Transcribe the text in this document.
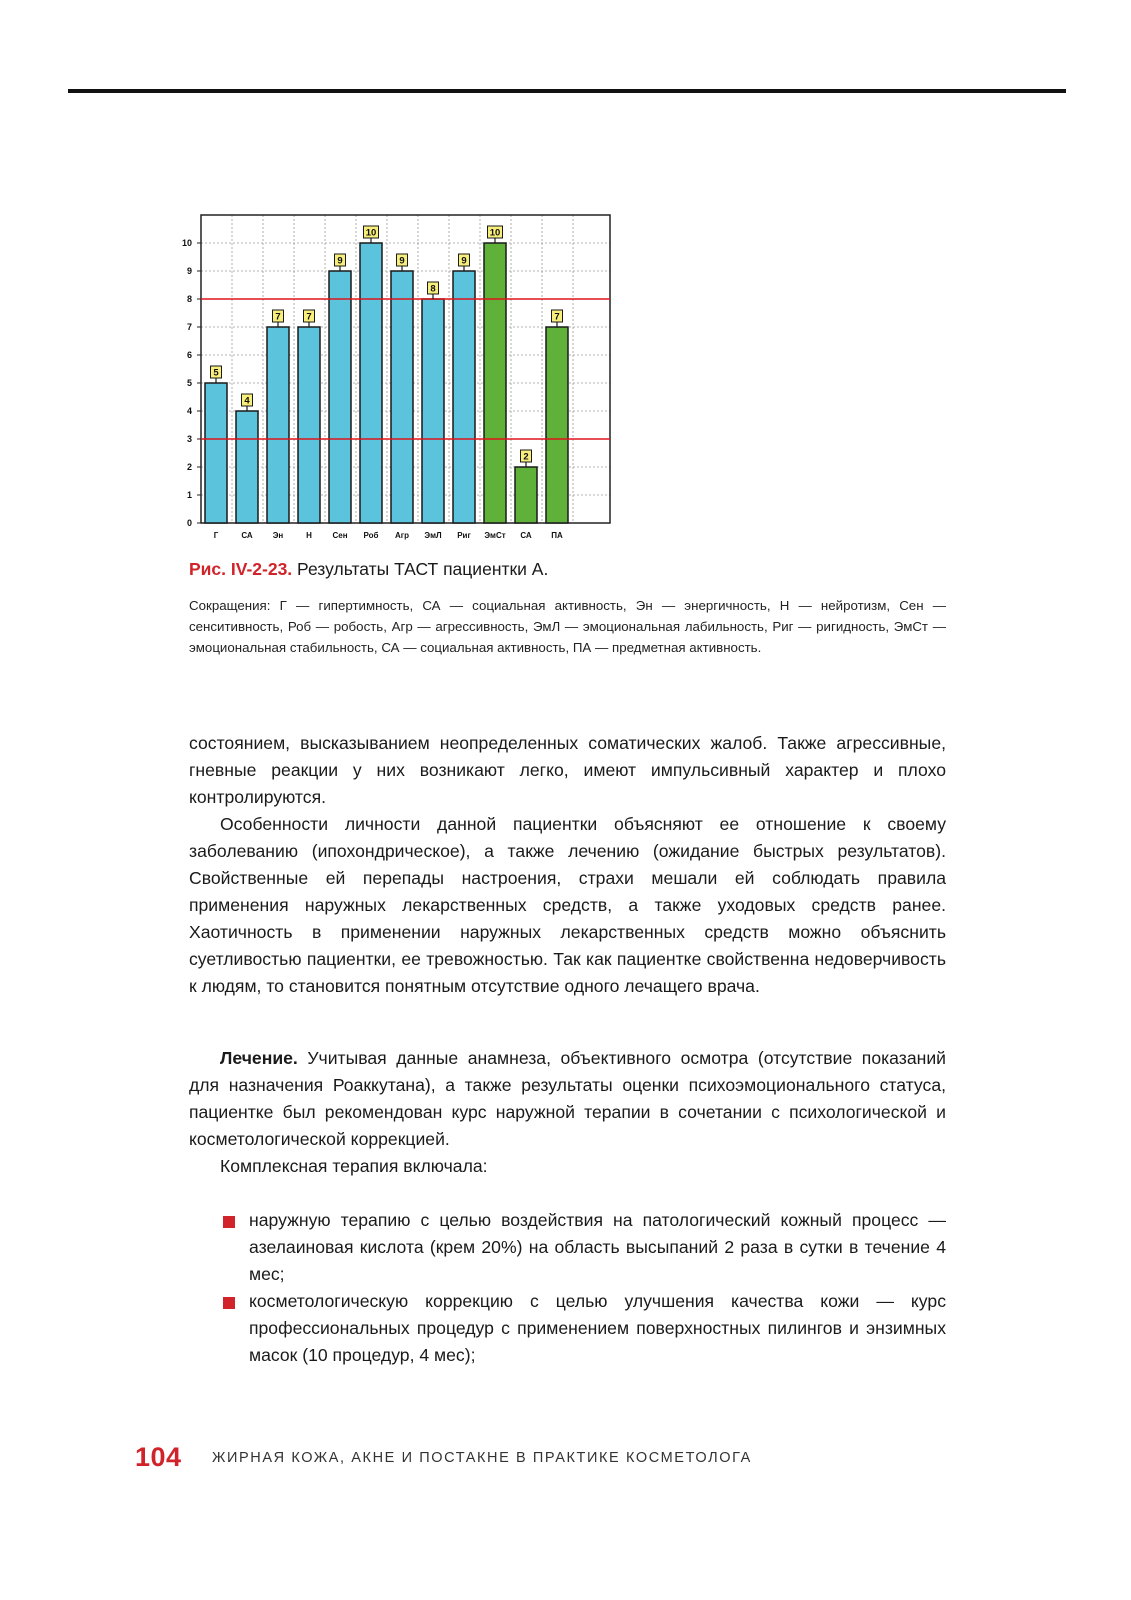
0
1
2
3
4
5
6
7
8
9
10
Г	СА	Эн	Н	Сен Роб Агр ЭмЛ Риг ЭмСт СА ПА
5
4
7	7
9
10
9
8
9
10
2
7
Рис. IV-2-23. Результаты ТАСТ пациентки А.
Сокращения: Г — гипертимность, СА — социальная активность, Эн — энергичность, Н — нейротизм, Сен — сенситивность, Роб — робость, Агр — агрессивность, ЭмЛ — эмоциональная лабильность, Риг — ригидность, ЭмСт — эмоциональная стабильность, СА — социальная активность, ПА — предметная активность.

состоянием, высказыванием неопределенных соматических жалоб. Также агрессивные, гневные реакции у них возникают легко, имеют импульсивный характер и плохо контролируются.

Особенности личности данной пациентки объясняют ее отношение к своему заболеванию (ипохондрическое), а также лечению (ожидание быстрых результатов). Свойственные ей перепады настроения, страхи мешали ей соблюдать правила применения наружных лекарственных средств, а также уходовых средств ранее. Хаотичность в применении наружных лекарственных средств можно объяснить суетливостью пациентки, ее тревожностью. Так как пациентке свойственна недоверчивость к людям, то становится понятным отсутствие одного лечащего врача.

Лечение. Учитывая данные анамнеза, объективного осмотра (отсутствие показаний для назначения Роаккутана), а также результаты оценки психоэмоционального статуса, пациентке был рекомендован курс наружной терапии в сочетании с психологической и косметологической коррекцией.

Комплексная терапия включала:

наружную терапию с целью воздействия на патологический кожный процесс — азелаиновая кислота (крем 20%) на область высыпаний 2 раза в сутки в течение 4 мес;
косметологическую коррекцию с целью улучшения качества кожи — курс профессиональных процедур с применением поверхностных пилингов и энзимных масок (10 процедур, 4 мес);
104 ЖИРНАЯ КОЖА, АКНЕ И ПОСТАКНЕ В ПРАКТИКЕ КОСМЕТОЛОГА
